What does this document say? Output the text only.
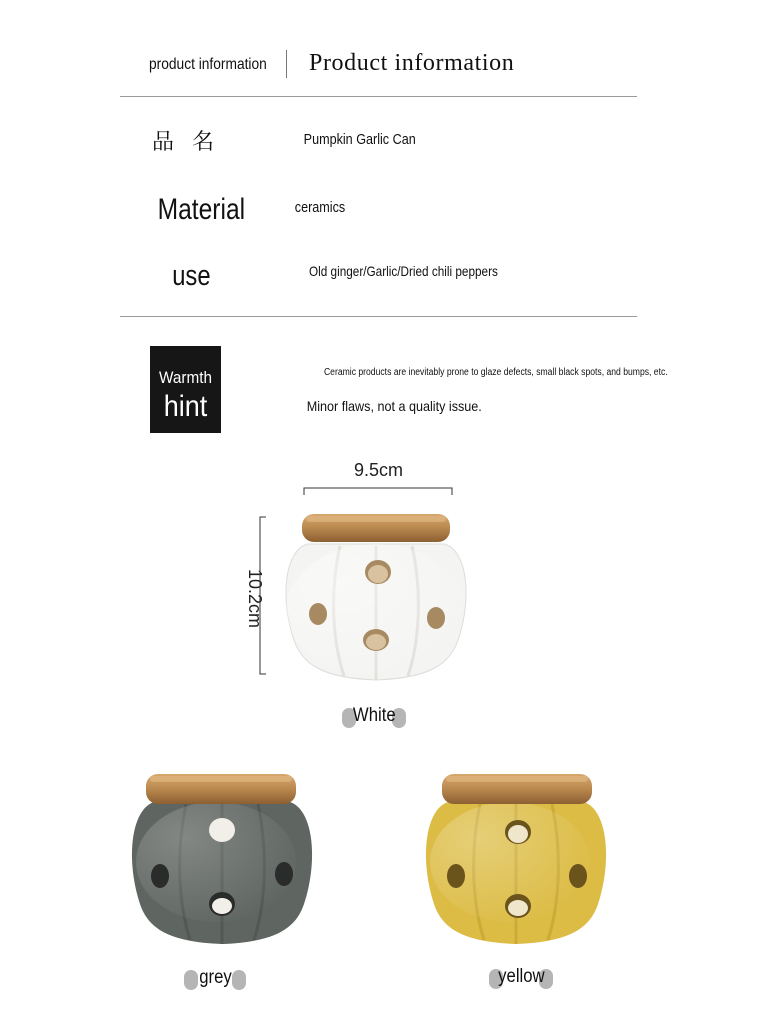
product information Product information
品名	Pumpkin Garlic Can
Material	ceramics
use	Old ginger/Garlic/Dried chili peppers
Warmth
hint
Ceramic products are inevitably prone to glaze defects, small black spots, and bumps, etc.
Minor flaws, not a quality issue.
9.5cm
10.2cm
White
grey	yellow
